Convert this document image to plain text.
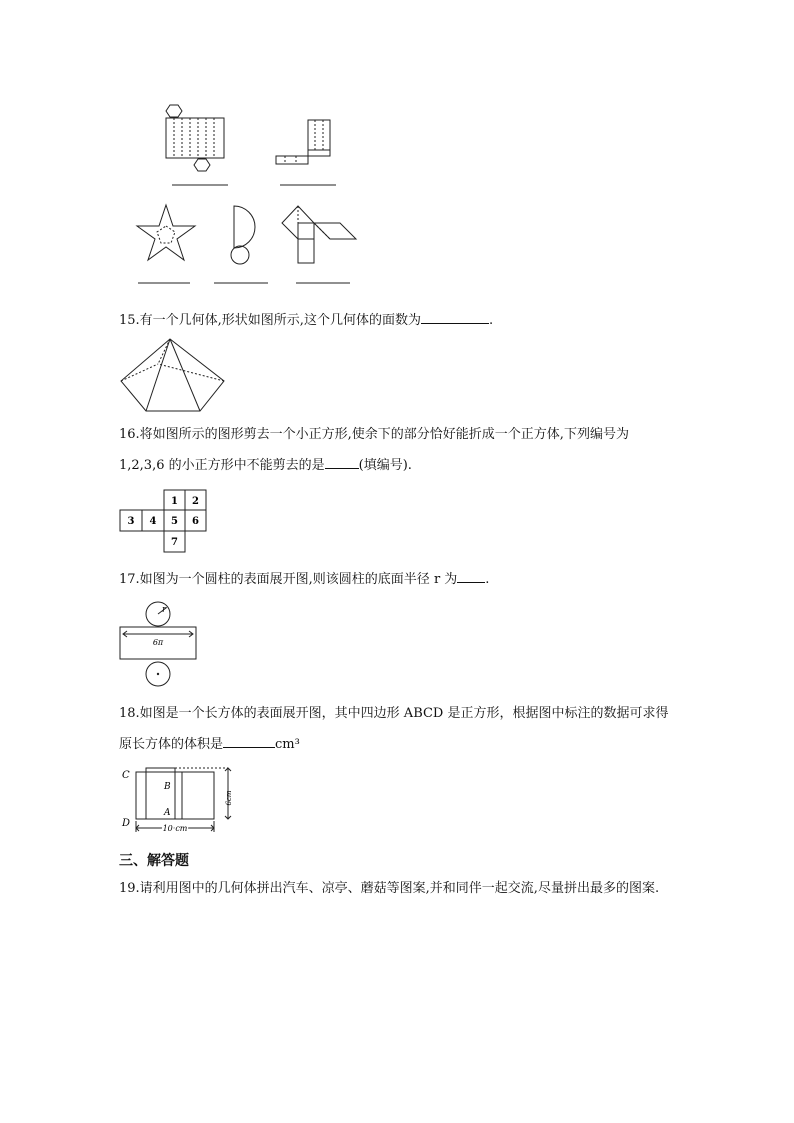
15.有一个几何体,形状如图所示,这个几何体的面数为	.
16.将如图所示的图形剪去一个小正方形,使余下的部分恰好能折成一个正方体,下列编号为
1,2,3,6 的小正方形中不能剪去的是	(填编号).
1 2
3 4 5 6
7
17.如图为一个圆柱的表面展开图,则该圆柱的底面半径 r 为 .
r
6π
18.如图是一个长方体的表面展开图，其中四边形 ABCD 是正方形，根据图中标注的数据可求得
原长方体的体积是	cm³
C
B
A
D
6cm
10 cm
三、解答题
19.请利用图中的几何体拼出汽车、凉亭、蘑菇等图案,并和同伴一起交流,尽量拼出最多的图案.
